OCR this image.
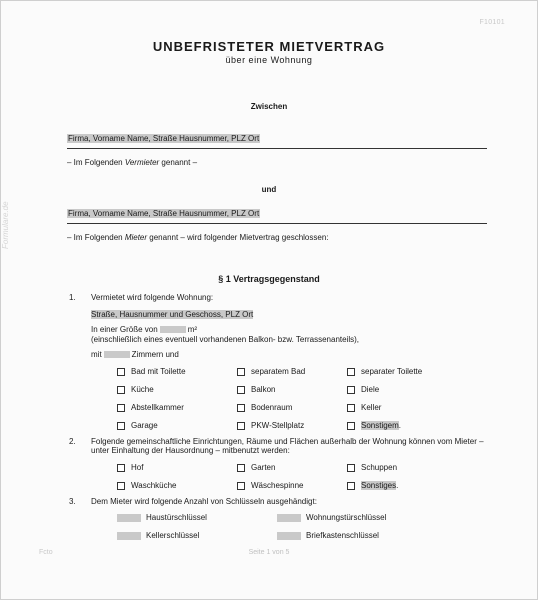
F10101
Formulare.de
UNBEFRISTETER MIETVERTRAG
über eine Wohnung
Zwischen
Firma, Vorname Name, Straße Hausnummer, PLZ Ort
– Im Folgenden Vermieter genannt –
und
Firma, Vorname Name, Straße Hausnummer, PLZ Ort
– Im Folgenden Mieter genannt – wird folgender Mietvertrag geschlossen:
§ 1 Vertragsgegenstand
1. Vermietet wird folgende Wohnung:
Straße, Hausnummer und Geschoss, PLZ Ort
In einer Größe von	m²
(einschließlich eines eventuell vorhandenen Balkon- bzw. Terrassenanteils),
mit	Zimmern und
Bad mit Toilette	separatem Bad	separater Toilette
Küche	Balkon	Diele
Abstellkammer	Bodenraum	Keller
Garage	PKW-Stellplatz	Sonstigem .
2. Folgende gemeinschaftliche Einrichtungen, Räume und Flächen außerhalb der Wohnung können vom Mieter – unter Einhaltung der Hausordnung – mitbenutzt werden:
Hof	Garten	Schuppen
Waschküche	Wäschespinne	Sonstiges .
3. Dem Mieter wird folgende Anzahl von Schlüsseln ausgehändigt:
Haustürschlüssel	Wohnungstürschlüssel
Kellerschlüssel	Briefkastenschlüssel
Fcto	Seite 1 von 5
